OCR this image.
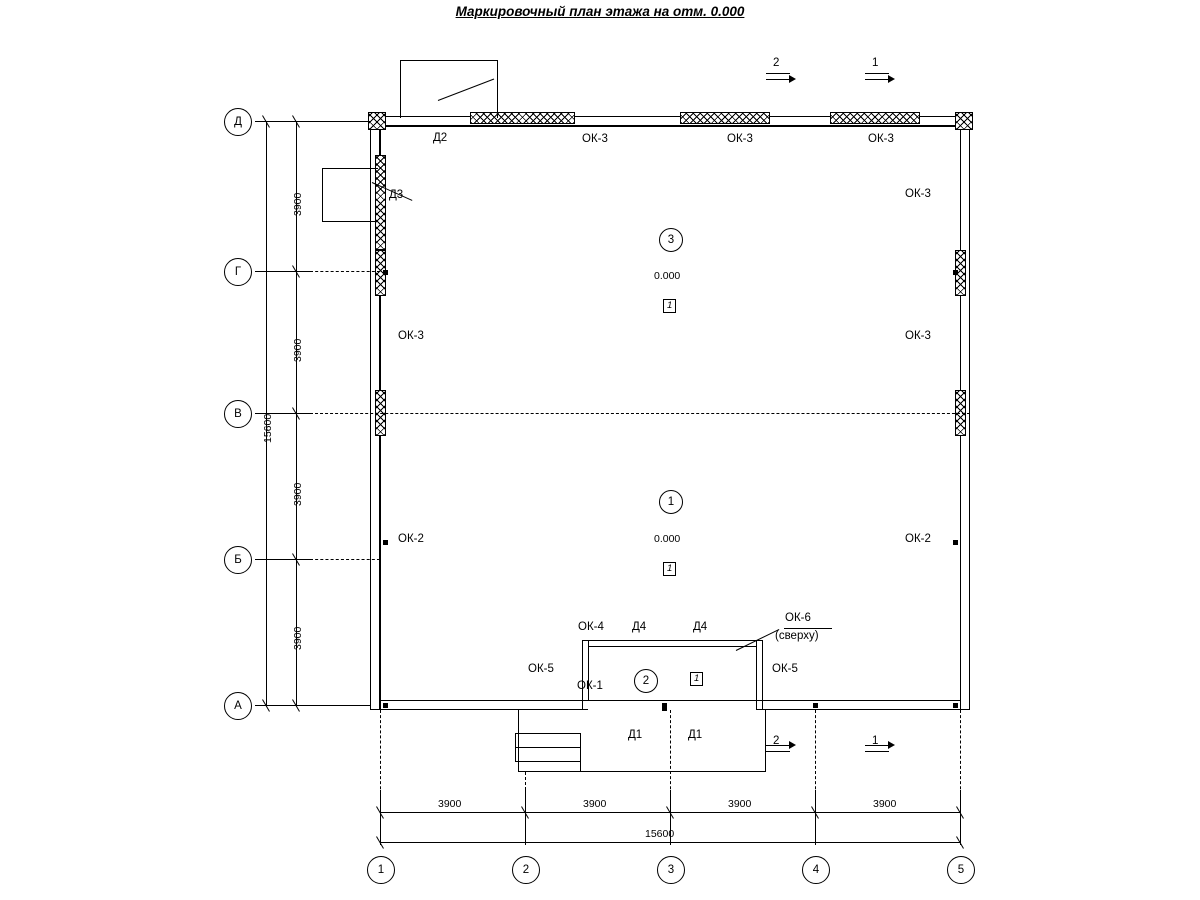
Маркировочный план этажа на отм. 0.000
2	1
2	1
Д2
Д3
3
0.000
1
1
0.000
1
2	1
ОК-3	ОК-3	ОК-3
ОК-3
ОК-3
ОК-3
ОК-2	ОК-2
ОК-4
ОК-5
ОК-1
ОК-5
ОК-6
(сверху)
Д4	Д4
Д1	Д1
Д
Г
В
Б
А
3900
3900
3900
3900
15600
1	2	3	4	5
3900	3900	3900	3900
15600
